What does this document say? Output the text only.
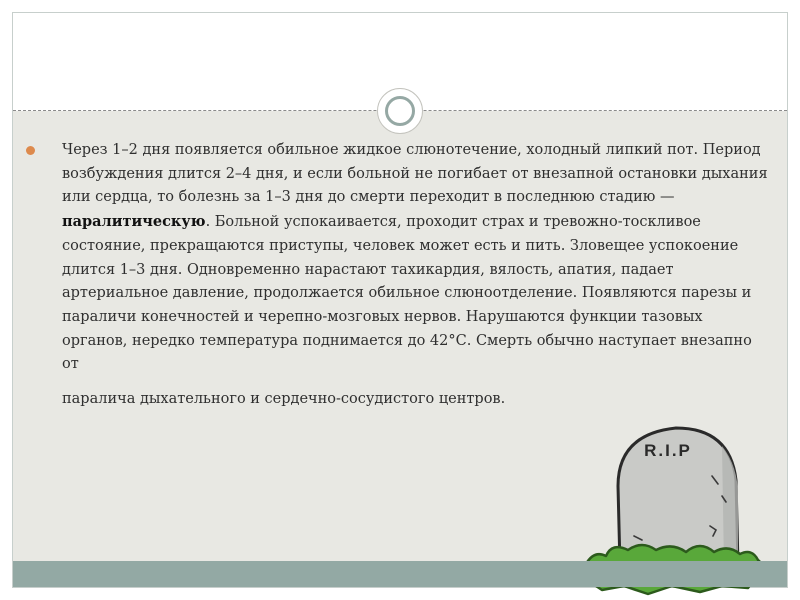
Через 1–2 дня появляется обильное жидкое слюнотечение, холодный липкий пот. Период возбуждения длится 2–4 дня, и если больной не погибает от внезапной остановки дыхания или сердца, то болезнь за 1–3 дня до смерти переходит в последнюю стадию —паралитическую. Больной успокаивается, проходит страх и тревожно-тоскливое состояние, прекращаются приступы, человек может есть и пить. Зловещее успокоение длится 1–3 дня. Одновременно нарастают тахикардия, вялость, апатия, падает артериальное давление, продолжается обильное слюноотделение. Появляются парезы и параличи конечностей и черепно-мозговых нервов. Нарушаются функции тазовых органов, нередко температура поднимается до 42°С. Смерть обычно наступает внезапно от
паралича дыхательного и сердечно-сосудистого центров.

R.I.P
